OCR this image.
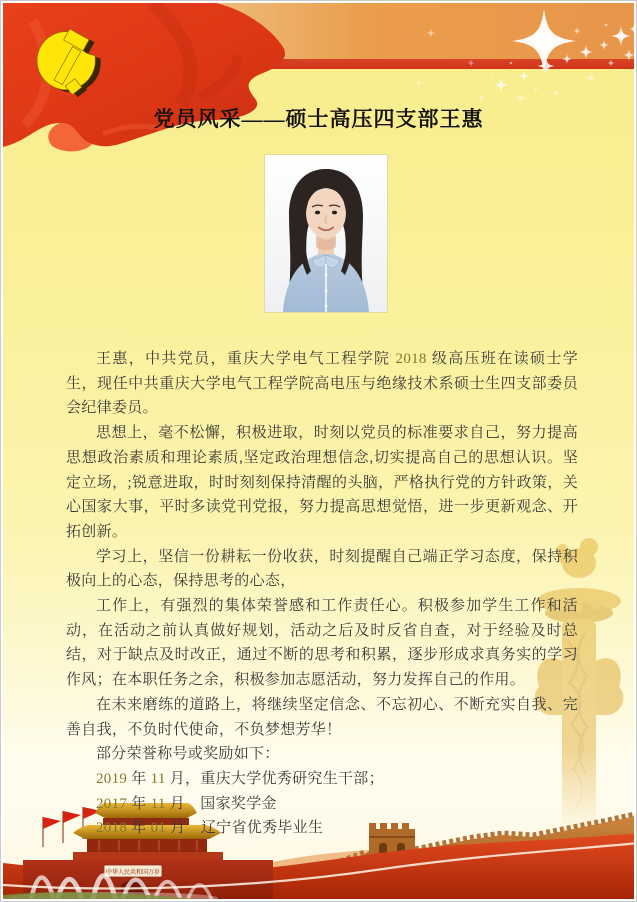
党员风采——硕士高压四支部王惠
中华人民共和国万岁

王惠，中共党员，重庆大学电气工程学院 2018 级高压班在读硕士学生，现任中共重庆大学电气工程学院高电压与绝缘技术系硕士生四支部委员会纪律委员。

思想上，毫不松懈，积极进取，时刻以党员的标准要求自己，努力提高思想政治素质和理论素质,坚定政治理想信念,切实提高自己的思想认识。坚定立场，;锐意进取，时时刻刻保持清醒的头脑，严格执行党的方针政策，关心国家大事，平时多读党刊党报，努力提高思想觉悟，进一步更新观念、开拓创新。

学习上，坚信一份耕耘一份收获，时刻提醒自己端正学习态度，保持积极向上的心态，保持思考的心态，

工作上，有强烈的集体荣誉感和工作责任心。积极参加学生工作和活动，在活动之前认真做好规划，活动之后及时反省自查，对于经验及时总结，对于缺点及时改正，通过不断的思考和积累，逐步形成求真务实的学习作风；在本职任务之余，积极参加志愿活动，努力发挥自己的作用。

在未来磨练的道路上，将继续坚定信念、不忘初心、不断充实自我、完善自我，不负时代使命，不负梦想芳华！

部分荣誉称号或奖励如下：

2019 年 11 月，重庆大学优秀研究生干部；
2017 年 11 月　国家奖学金
2018 年 01 月　辽宁省优秀毕业生
